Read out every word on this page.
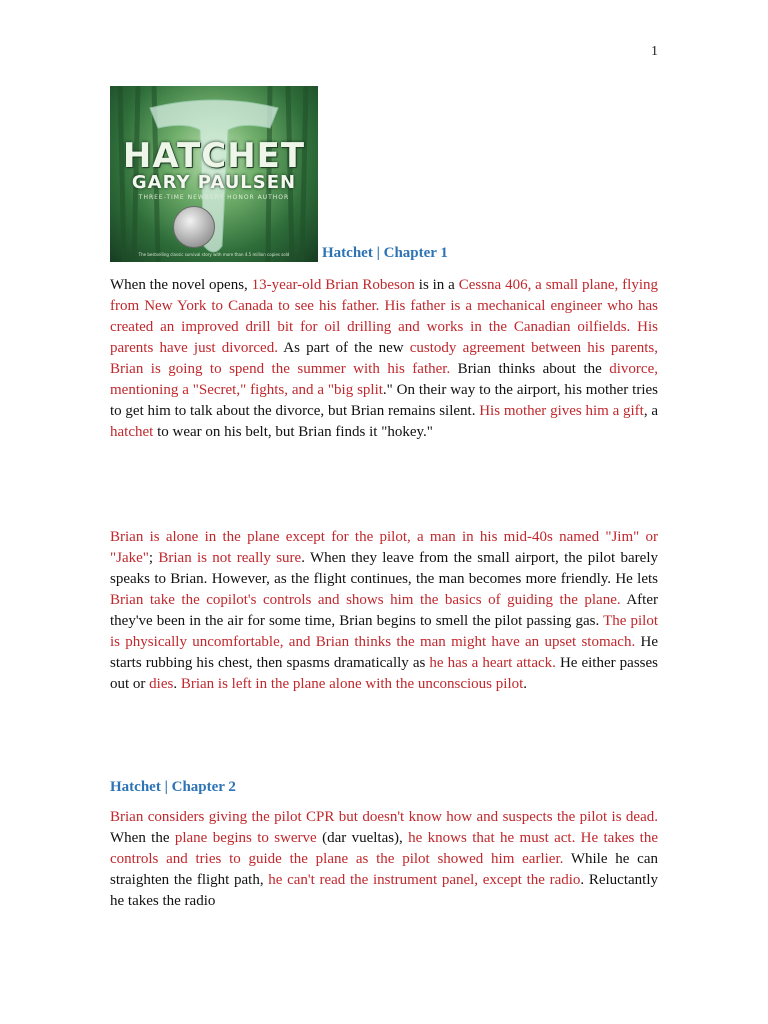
1
HATCHET
GARY PAULSEN
THREE-TIME NEWBERY HONOR AUTHOR
The bestselling classic survival story with more than 4.5 million copies sold	Hatchet | Chapter 1

When the novel opens, 13-year-old Brian Robeson is in a Cessna 406, a small plane, flying from New York to Canada to see his father. His father is a mechanical engineer who has created an improved drill bit for oil drilling and works in the Canadian oilfields. His parents have just divorced. As part of the new custody agreement between his parents, Brian is going to spend the summer with his father. Brian thinks about the divorce, mentioning a "Secret," fights, and a "big split." On their way to the airport, his mother tries to get him to talk about the divorce, but Brian remains silent. His mother gives him a gift, a hatchet to wear on his belt, but Brian finds it "hokey."

Brian is alone in the plane except for the pilot, a man in his mid-40s named "Jim" or "Jake"; Brian is not really sure. When they leave from the small airport, the pilot barely speaks to Brian. However, as the flight continues, the man becomes more friendly. He lets Brian take the copilot's controls and shows him the basics of guiding the plane. After they've been in the air for some time, Brian begins to smell the pilot passing gas. The pilot is physically uncomfortable, and Brian thinks the man might have an upset stomach. He starts rubbing his chest, then spasms dramatically as he has a heart attack. He either passes out or dies. Brian is left in the plane alone with the unconscious pilot.

Hatchet | Chapter 2

Brian considers giving the pilot CPR but doesn't know how and suspects the pilot is dead. When the plane begins to swerve (dar vueltas), he knows that he must act. He takes the controls and tries to guide the plane as the pilot showed him earlier. While he can straighten the flight path, he can't read the instrument panel, except the radio. Reluctantly he takes the radio
